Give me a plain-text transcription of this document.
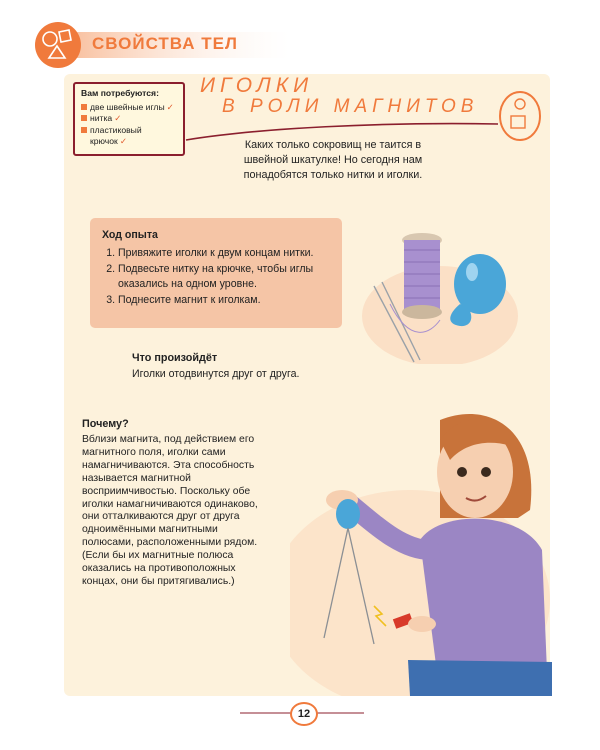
СВОЙСТВА ТЕЛ
Вам потребуются:
две швейные иглы ✓
нитка ✓
пластиковый крючок ✓
ИГОЛКИ
В РОЛИ МАГНИТОВ
Каких только сокровищ не таится в швейной шкатулке! Но сегодня нам понадобятся только нитки и иголки.
Ход опыта
1. Привяжите иголки к двум концам нитки.
2. Подвесьте нитку на крючке, чтобы иглы оказались на одном уровне.
3. Поднесите магнит к иголкам.
Что произойдёт
Иголки отодвинутся друг от друга.
Почему?
Вблизи магнита, под действием его магнитного поля, иголки сами намагничиваются. Эта способность называется магнитной восприимчивостью. Поскольку обе иголки намагничиваются одинаково, они отталкиваются друг от друга одноимёнными магнитными полюсами, расположенными рядом. (Если бы их магнитные полюса оказались на противоположных концах, они бы притягивались.)
12
